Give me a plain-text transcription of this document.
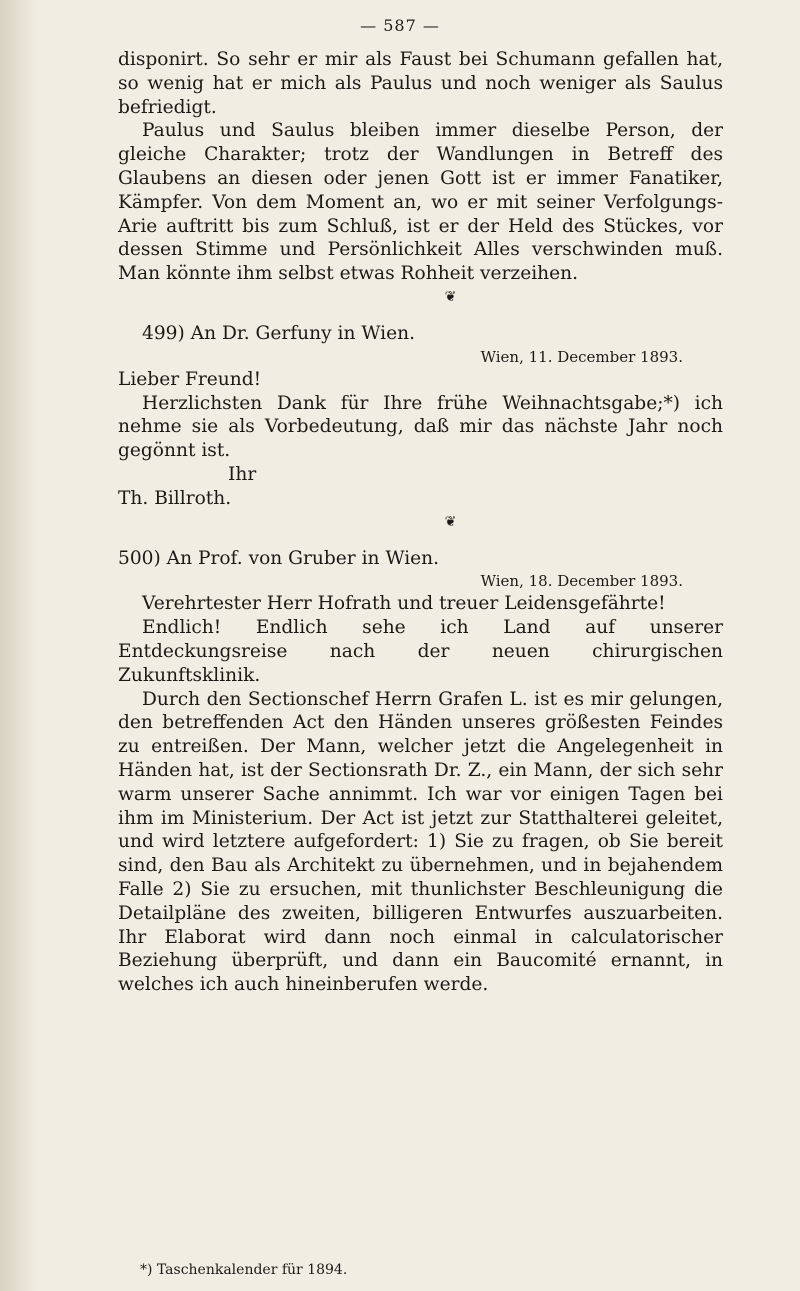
— 587 —

disponirt. So sehr er mir als Faust bei Schumann gefallen hat, so wenig hat er mich als Paulus und noch weniger als Saulus befriedigt.

Paulus und Saulus bleiben immer dieselbe Person, der gleiche Charakter; trotz der Wandlungen in Betreff des Glaubens an diesen oder jenen Gott ist er immer Fanatiker, Kämpfer. Von dem Moment an, wo er mit seiner Verfolgungs-Arie auftritt bis zum Schluß, ist er der Held des Stückes, vor dessen Stimme und Persönlichkeit Alles verschwinden muß. Man könnte ihm selbst etwas Rohheit verzeihen.

❦

499) An Dr. Gerfuny in Wien.

Wien, 11. December 1893.

Lieber Freund!

Herzlichsten Dank für Ihre frühe Weihnachtsgabe;*) ich nehme sie als Vorbedeutung, daß mir das nächste Jahr noch gegönnt ist.

Ihr

Th. Billroth.

❦

500) An Prof. von Gruber in Wien.

Wien, 18. December 1893.

Verehrtester Herr Hofrath und treuer Leidensgefährte!

Endlich! Endlich sehe ich Land auf unserer Entdeckungsreise nach der neuen chirurgischen Zukunftsklinik.

Durch den Sectionschef Herrn Grafen L. ist es mir gelungen, den betreffenden Act den Händen unseres größesten Feindes zu entreißen. Der Mann, welcher jetzt die Angelegenheit in Händen hat, ist der Sectionsrath Dr. Z., ein Mann, der sich sehr warm unserer Sache annimmt. Ich war vor einigen Tagen bei ihm im Ministerium. Der Act ist jetzt zur Statthalterei geleitet, und wird letztere aufgefordert: 1) Sie zu fragen, ob Sie bereit sind, den Bau als Architekt zu übernehmen, und in bejahendem Falle 2) Sie zu ersuchen, mit thunlichster Beschleunigung die Detailpläne des zweiten, billigeren Entwurfes auszuarbeiten. Ihr Elaborat wird dann noch einmal in calculatorischer Beziehung überprüft, und dann ein Baucomité ernannt, in welches ich auch hineinberufen werde.

*) Taschenkalender für 1894.
